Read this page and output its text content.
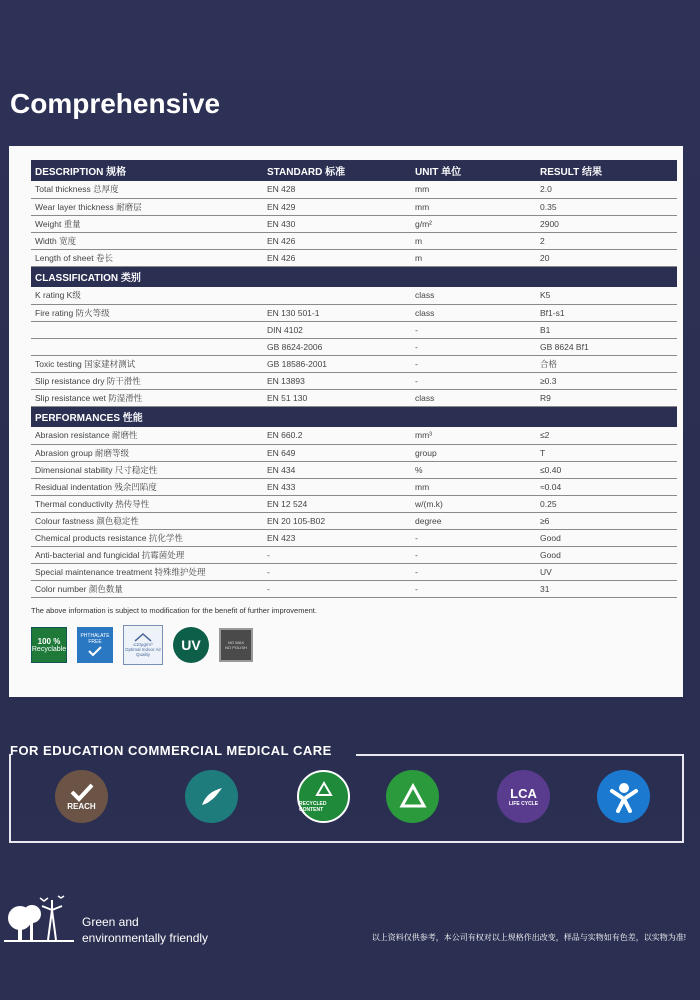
Comprehensive
DESCRIPTION 规格	STANDARD 标准	UNIT 单位	RESULT 结果
Total thickness 总厚度	EN 428	mm	2.0
Wear layer thickness 耐磨层	EN 429	mm	0.35
Weight 重量	EN 430	g/m²	2900
Width 宽度	EN 426	m	2
Length of sheet 卷长	EN 426	m	20
CLASSIFICATION 类别			
K rating K级		class	K5
Fire rating 防火等级	EN 130 501-1	class	Bf1-s1
	DIN 4102	-	B1
	GB 8624-2006	-	GB 8624 Bf1
Toxic testing 国家建材测试	GB 18586-2001	-	合格
Slip resistance dry 防干滑性	EN 13893	-	≥0.3
Slip resistance wet 防湿滑性	EN 51 130	class	R9
PERFORMANCES 性能			
Abrasion resistance 耐磨性	EN 660.2	mm³	≤2
Abrasion group 耐磨等级	EN 649	group	T
Dimensional stability 尺寸稳定性	EN 434	%	≤0.40
Residual indentation 残余凹陷度	EN 433	mm	≈0.04
Thermal conductivity 热传导性	EN 12 524	w/(m.k)	0.25
Colour fastness 颜色稳定性	EN 20 105-B02	degree	≥6
Chemical products resistance 抗化学性	EN 423	-	Good
Anti-bacterial and fungicidal 抗霉菌处理	-	-	Good
Special maintenance treatment 特殊维护处理	-	-	UV
Color number 颜色数量	-	-	31
The above information is subject to modification for the benefit of further improvement.
100 %
Recyclable
PHTHALATE
FREE	≤10μg/m³
Optimal Indoor Air Quality
UV	NO WAX
NO POLISH
FOR EDUCATION COMMERCIAL MEDICAL CARE
REACH	RECYCLED CONTENT
LCA
LIFE CYCLE
Green and
environmentally friendly	以上资料仅供参考，本公司有权对以上规格作出改变，样品与实物如有色差，以实物为准!
